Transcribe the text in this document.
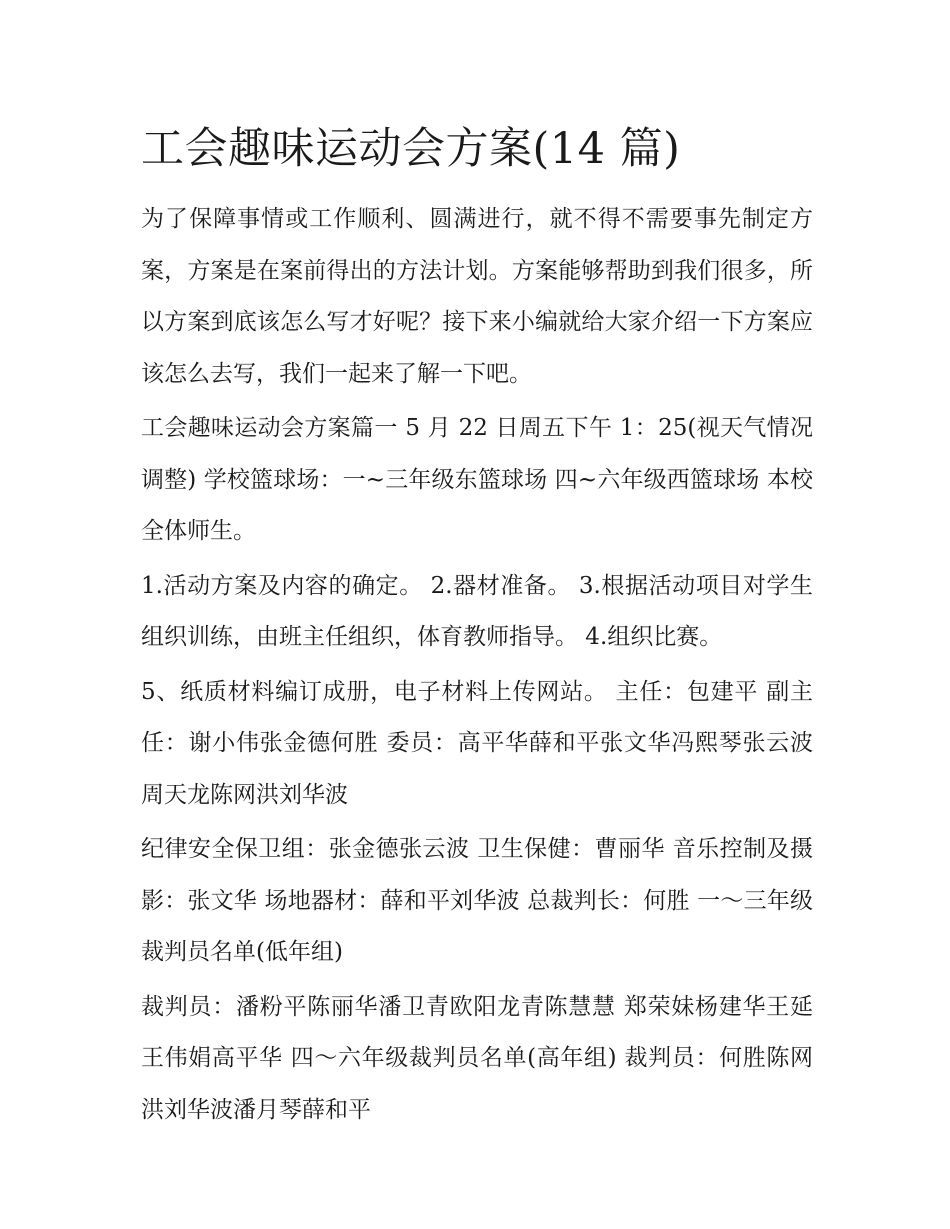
工会趣味运动会方案(14 篇)

为了保障事情或工作顺利、圆满进行，就不得不需要事先制定方案，方案是在案前得出的方法计划。方案能够帮助到我们很多，所以方案到底该怎么写才好呢？接下来小编就给大家介绍一下方案应该怎么去写，我们一起来了解一下吧。

工会趣味运动会方案篇一 5 月 22 日周五下午 1：25(视天气情况调整) 学校篮球场：一~三年级东篮球场 四~六年级西篮球场 本校全体师生。

1.活动方案及内容的确定。 2.器材准备。 3.根据活动项目对学生组织训练，由班主任组织，体育教师指导。 4.组织比赛。

5、纸质材料编订成册，电子材料上传网站。 主任：包建平 副主任：谢小伟张金德何胜 委员：高平华薛和平张文华冯熙琴张云波周天龙陈网洪刘华波

纪律安全保卫组：张金德张云波 卫生保健：曹丽华 音乐控制及摄影：张文华 场地器材：薛和平刘华波 总裁判长：何胜 一～三年级裁判员名单(低年组)

裁判员：潘粉平陈丽华潘卫青欧阳龙青陈慧慧 郑荣妹杨建华王延王伟娟高平华 四～六年级裁判员名单(高年组) 裁判员：何胜陈网洪刘华波潘月琴薛和平
